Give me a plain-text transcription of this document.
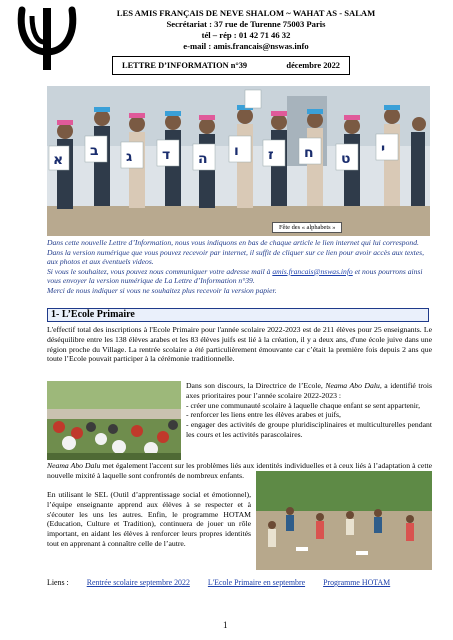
LES AMIS FRANÇAIS DE NEVE SHALOM ~ WAHAT AS - SALAM
Secrétariat : 37 rue de Turenne 75003 Paris
tél – rép : 01 42 71 46 32
e-mail : amis.francais@nswas.info
LETTRE D’INFORMATION n°39	décembre 2022
א
ב ג ד ה ו ז ח ט
י
Fête des « alphabets »
Dans cette nouvelle Lettre d’Information, nous vous indiquons en bas de chaque article le lien internet qui lui correspond. Dans la version numérique que vous pouvez recevoir par internet, il suffit de cliquer sur ce lien pour avoir accès aux textes, aux photos et aux éventuels videos.
Si vous le souhaitez, vous pouvez nous communiquer votre adresse mail à amis.francais@nswas.info et nous pourrons ainsi vous envoyer la version numérique de La Lettre d’Information n°39.
Merci de nous indiquer si vous ne souhaitez plus recevoir la version papier.
1- L’Ecole Primaire
L'effectif total des inscriptions à l'Ecole Primaire pour l'année scolaire 2022-2023 est de 211 élèves pour 25 enseignants. Le déséquilibre entre les 138 élèves arabes et les 83 élèves juifs est lié à la création, il y a deux ans, d'une école juive dans une région proche du Village. La rentrée scolaire a été particulièrement émouvante car c’était la première fois depuis 2 ans que toute l’Ecole pouvait participer à la cérémonie traditionnelle.
Dans son discours, la Directrice de l’Ecole, Neama Abo Dalu, a identifié trois axes prioritaires pour l’année scolaire 2022-2023 :
- créer une communauté scolaire à laquelle chaque enfant se sent appartenir,
- renforcer les liens entre les élèves arabes et juifs,
- engager des activités de groupe pluridisciplinaires et multiculturelles pendant les cours et les activités parascolaires.
Neama Abo Dalu met également l'accent sur les problèmes liés aux identités individuelles et à ceux liés à l’adaptation à cette nouvelle mixité à laquelle sont confrontés de nombreux enfants.
En utilisant le SEL (Outil d’apprentissage social et émotionnel), l’équipe enseignante apprend aux élèves à se respecter et à s'écouter les uns les autres. Enfin, le programme HOTAM (Education, Culture et Tradition), continuera de jouer un rôle important, en aidant les élèves à renforcer leurs propres identités tout en apprenant à connaître celle de l’autre.
Liens : Rentrée scolaire septembre 2022 L'Ecole Primaire en septembre Programme HOTAM
1
